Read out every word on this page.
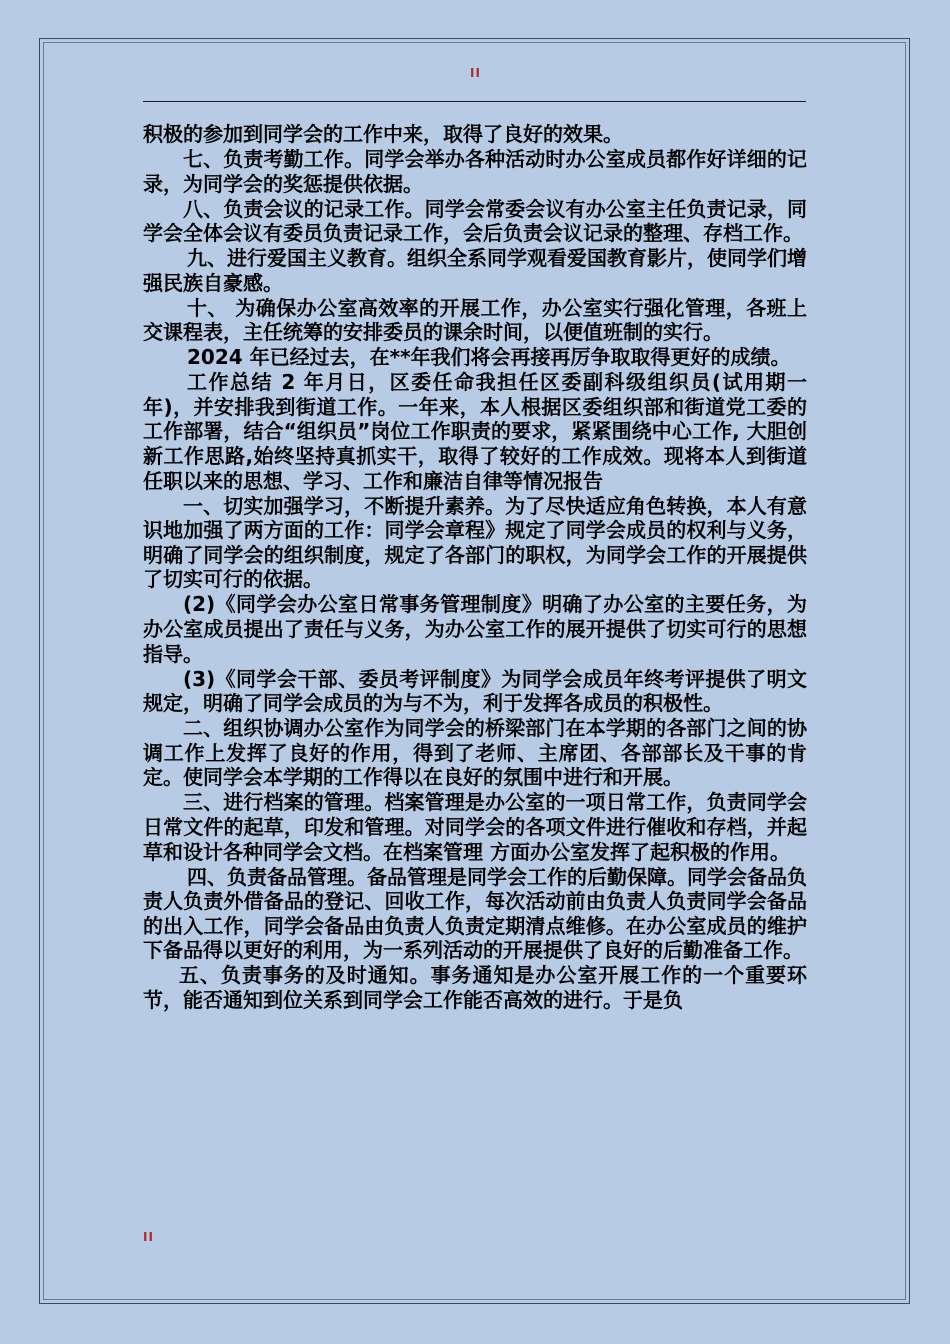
II

积极的参加到同学会的工作中来，取得了良好的效果。

七、负责考勤工作。同学会举办各种活动时办公室成员都作好详细的记录，为同学会的奖惩提供依据。

八、负责会议的记录工作。同学会常委会议有办公室主任负责记录，同学会全体会议有委员负责记录工作，会后负责会议记录的整理、存档工作。

九、进行爱国主义教育。组织全系同学观看爱国教育影片，使同学们增强民族自豪感。

十、 为确保办公室高效率的开展工作，办公室实行强化管理，各班上交课程表，主任统筹的安排委员的课余时间，以便值班制的实行。

2024 年已经过去，在**年我们将会再接再厉争取取得更好的成绩。

工作总结 2 年月日，区委任命我担任区委副科级组织员(试用期一年)，并安排我到街道工作。一年来，本人根据区委组织部和街道党工委的工作部署，结合“组织员”岗位工作职责的要求，紧紧围绕中心工作, 大胆创新工作思路,始终坚持真抓实干，取得了较好的工作成效。现将本人到街道任职以来的思想、学习、工作和廉洁自律等情况报告

一、切实加强学习，不断提升素养。为了尽快适应角色转换，本人有意识地加强了两方面的工作：同学会章程》规定了同学会成员的权利与义务，明确了同学会的组织制度，规定了各部门的职权，为同学会工作的开展提供了切实可行的依据。

(2)《同学会办公室日常事务管理制度》明确了办公室的主要任务，为办公室成员提出了责任与义务，为办公室工作的展开提供了切实可行的思想指导。

(3)《同学会干部、委员考评制度》为同学会成员年终考评提供了明文规定，明确了同学会成员的为与不为，利于发挥各成员的积极性。

二、组织协调办公室作为同学会的桥梁部门在本学期的各部门之间的协调工作上发挥了良好的作用，得到了老师、主席团、各部部长及干事的肯定。使同学会本学期的工作得以在良好的氛围中进行和开展。

三、进行档案的管理。档案管理是办公室的一项日常工作，负责同学会日常文件的起草，印发和管理。对同学会的各项文件进行催收和存档，并起草和设计各种同学会文档。在档案管理 方面办公室发挥了起积极的作用。

四、负责备品管理。备品管理是同学会工作的后勤保障。同学会备品负责人负责外借备品的登记、回收工作，每次活动前由负责人负责同学会备品的出入工作，同学会备品由负责人负责定期清点维修。在办公室成员的维护下备品得以更好的利用，为一系列活动的开展提供了良好的后勤准备工作。

五、负责事务的及时通知。事务通知是办公室开展工作的一个重要环节，能否通知到位关系到同学会工作能否高效的进行。于是负

II
